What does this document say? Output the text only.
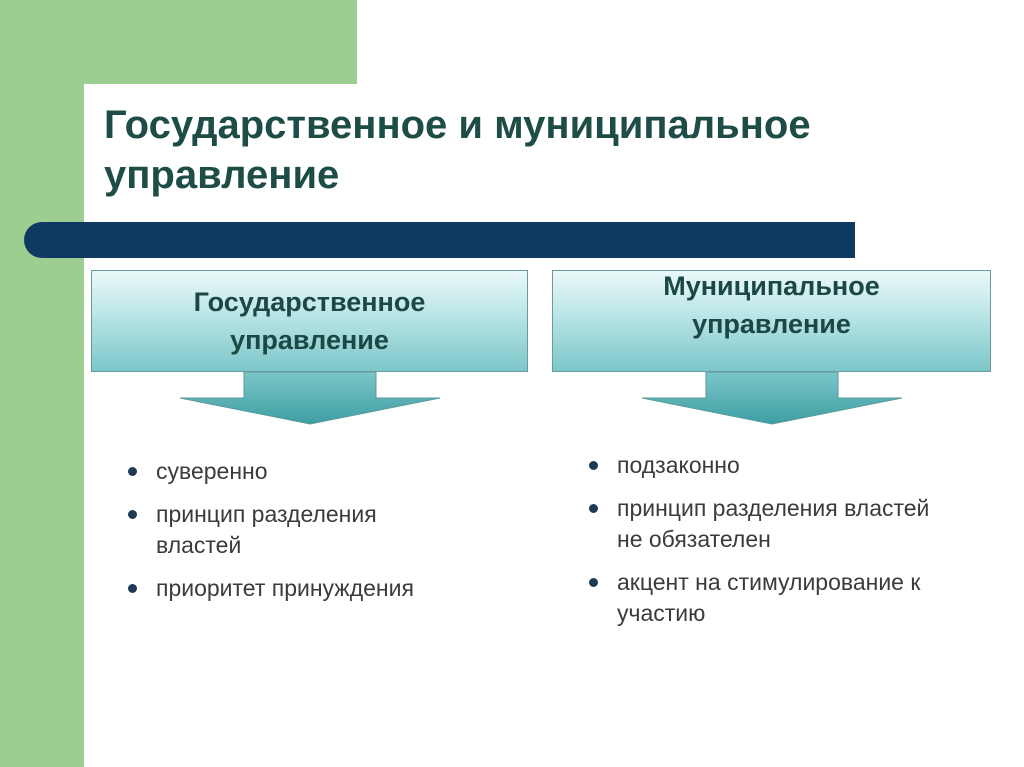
Государственное и муниципальное управление
Государственное управление
суверенно
принцип разделения властей
приоритет принуждения
Муниципальное управление
подзаконно
принцип разделения властей не обязателен
акцент на стимулирование к участию
